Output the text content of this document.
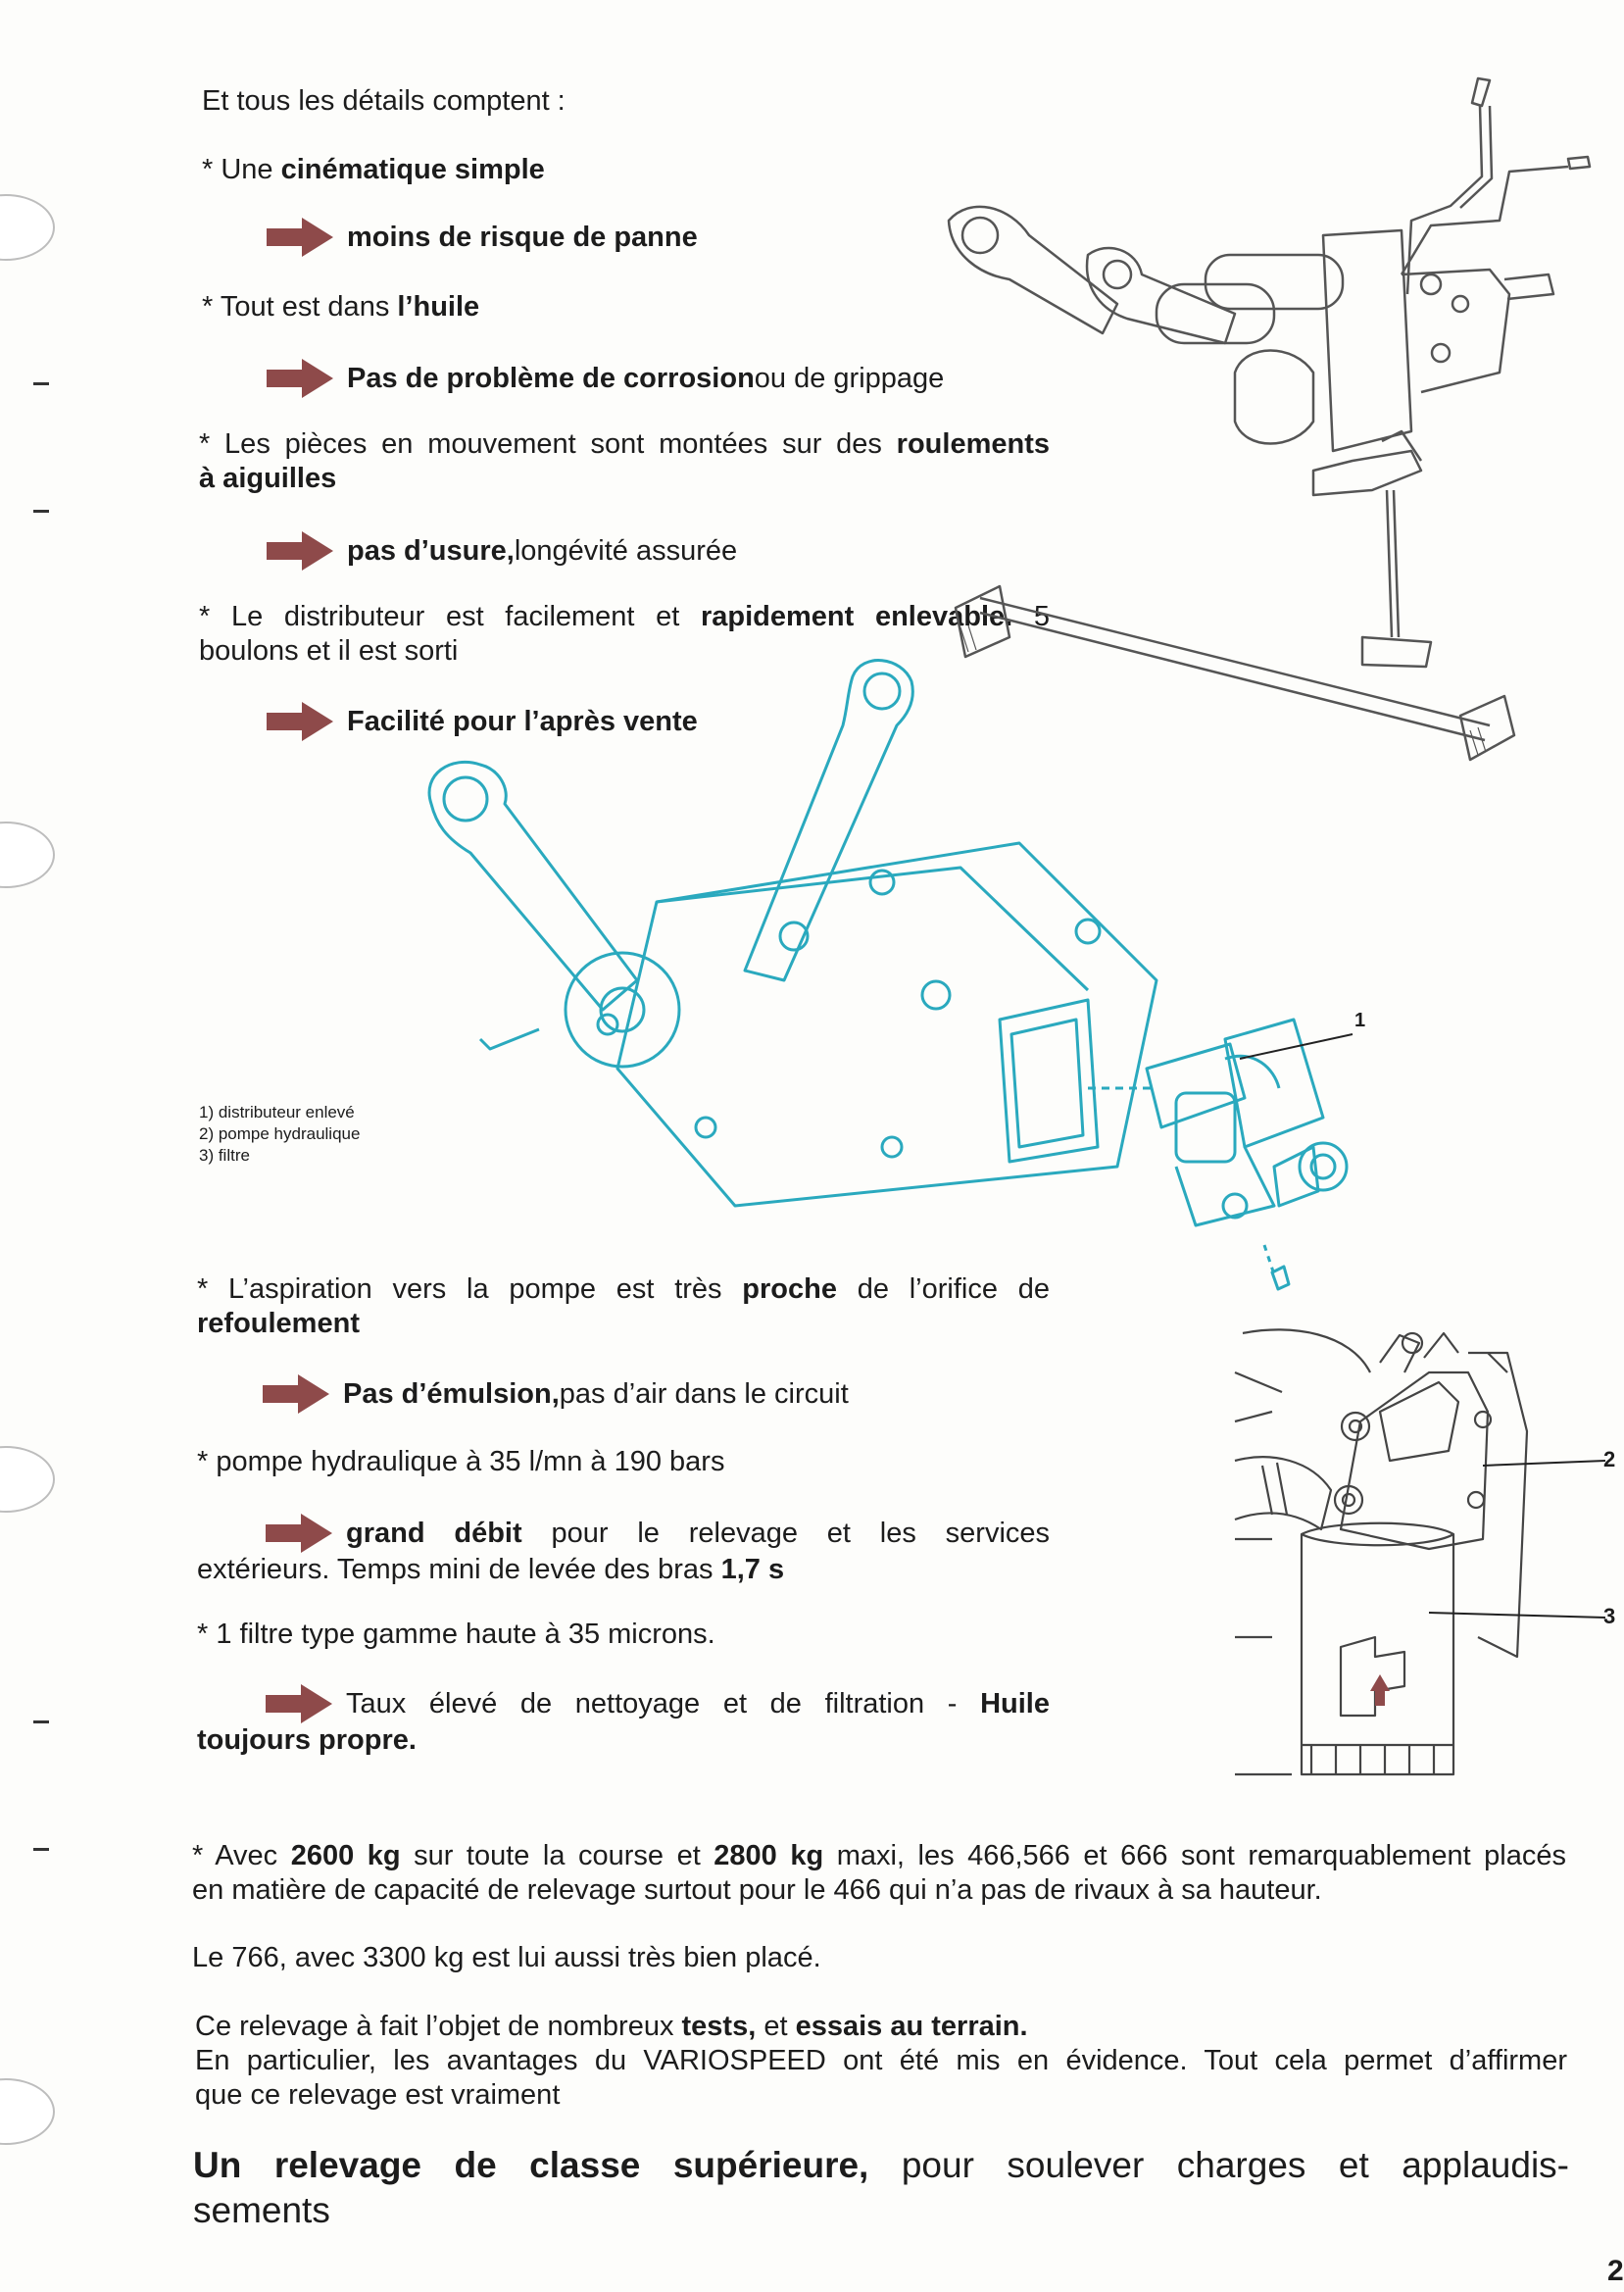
Et tous les détails comptent :
* Une cinématique simple
moins de risque de panne
* Tout est dans l’huile
Pas de problème de corrosion ou de grippage
* Les pièces en mouvement sont montées sur des roulements
à aiguilles
pas d’usure, longévité assurée
* Le distributeur est facilement et rapidement enlevable. 5
boulons et il est sorti
Facilité pour l’après vente
1
1) distributeur enlevé
2) pompe hydraulique
3) filtre
* L’aspiration vers la pompe est très proche de l’orifice de
refoulement
Pas d’émulsion, pas d’air dans le circuit
* pompe hydraulique à 35 l/mn à 190 bars
grand débit pour le relevage et les services
extérieurs. Temps mini de levée des bras 1,7 s
* 1 filtre type gamme haute à 35 microns.
Taux élevé de nettoyage et de filtration - Huile
toujours propre.
2
3
* Avec 2600 kg sur toute la course et 2800 kg maxi, les 466,566 et 666 sont remarquablement placés
en matière de capacité de relevage surtout pour le 466 qui n’a pas de rivaux à sa hauteur.
Le 766, avec 3300 kg est lui aussi très bien placé.
Ce relevage à fait l’objet de nombreux tests, et essais au terrain.
En particulier, les avantages du VARIOSPEED ont été mis en évidence. Tout cela permet d’affirmer
que ce relevage est vraiment
Un relevage de classe supérieure, pour soulever charges et applaudis-
sements
2
